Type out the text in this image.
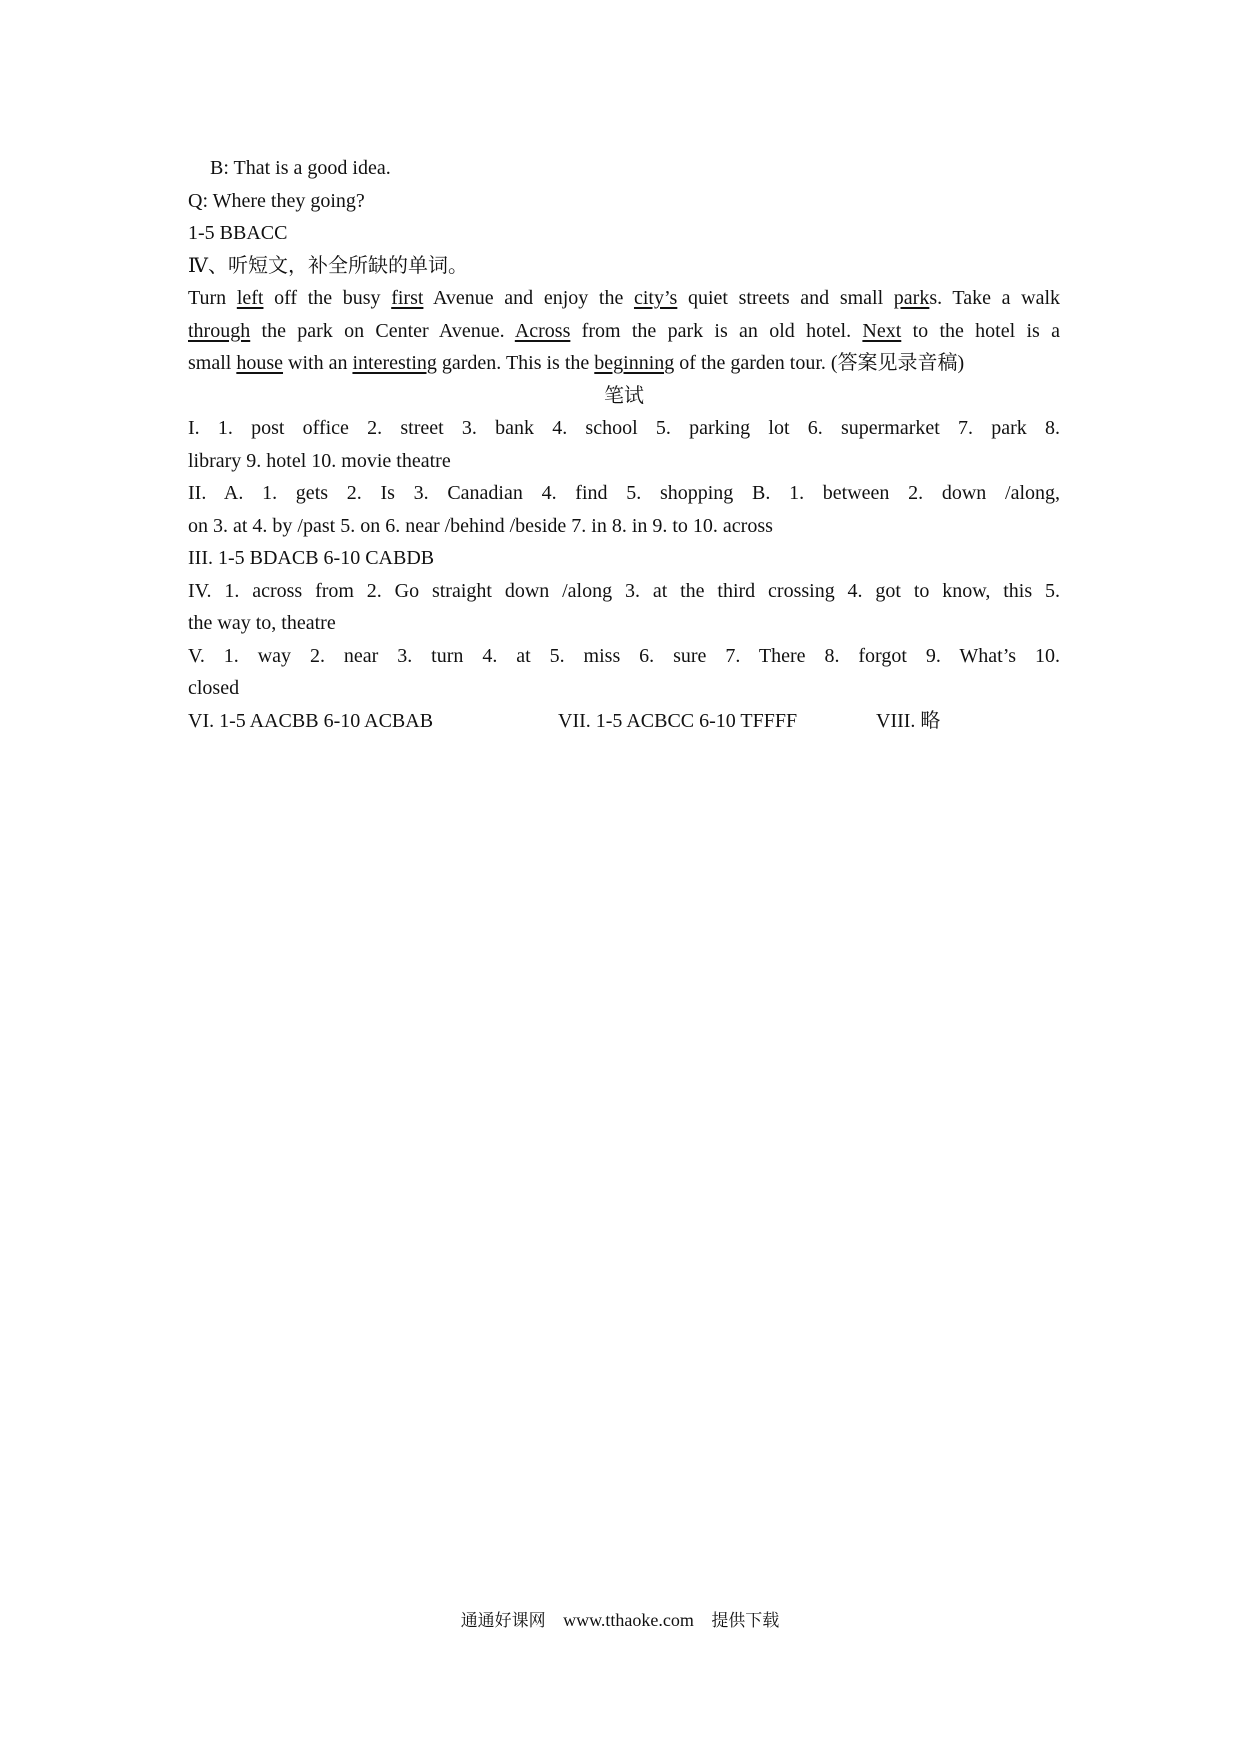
B: That is a good idea.
Q: Where they going?
1-5 BBACC
Ⅳ、听短文，补全所缺的单词。
Turn left off the busy first Avenue and enjoy the city’s quiet streets and small parks. Take a walk
through the park on Center Avenue. Across from the park is an old hotel. Next to the hotel is a
small house with an interesting garden. This is the beginning of the garden tour. (答案见录音稿)
笔试
I. 1. post office 2. street 3. bank 4. school 5. parking lot 6. supermarket 7. park 8.
library 9. hotel 10. movie theatre
II. A. 1. gets 2. Is 3. Canadian 4. find 5. shopping B. 1. between 2. down /along,
on 3. at 4. by /past 5. on 6. near /behind /beside 7. in 8. in 9. to 10. across
III. 1-5 BDACB 6-10 CABDB
IV. 1. across from 2. Go straight down /along 3. at the third crossing 4. got to know, this 5.
the way to, theatre
V. 1. way 2. near 3. turn 4. at 5. miss 6. sure 7. There 8. forgot 9. What’s 10.
closed
VI. 1-5 AACBB 6-10 ACBAB	VII. 1-5 ACBCC 6-10 TFFFF	VIII. 略
通通好课网 www.tthaoke.com 提供下载
